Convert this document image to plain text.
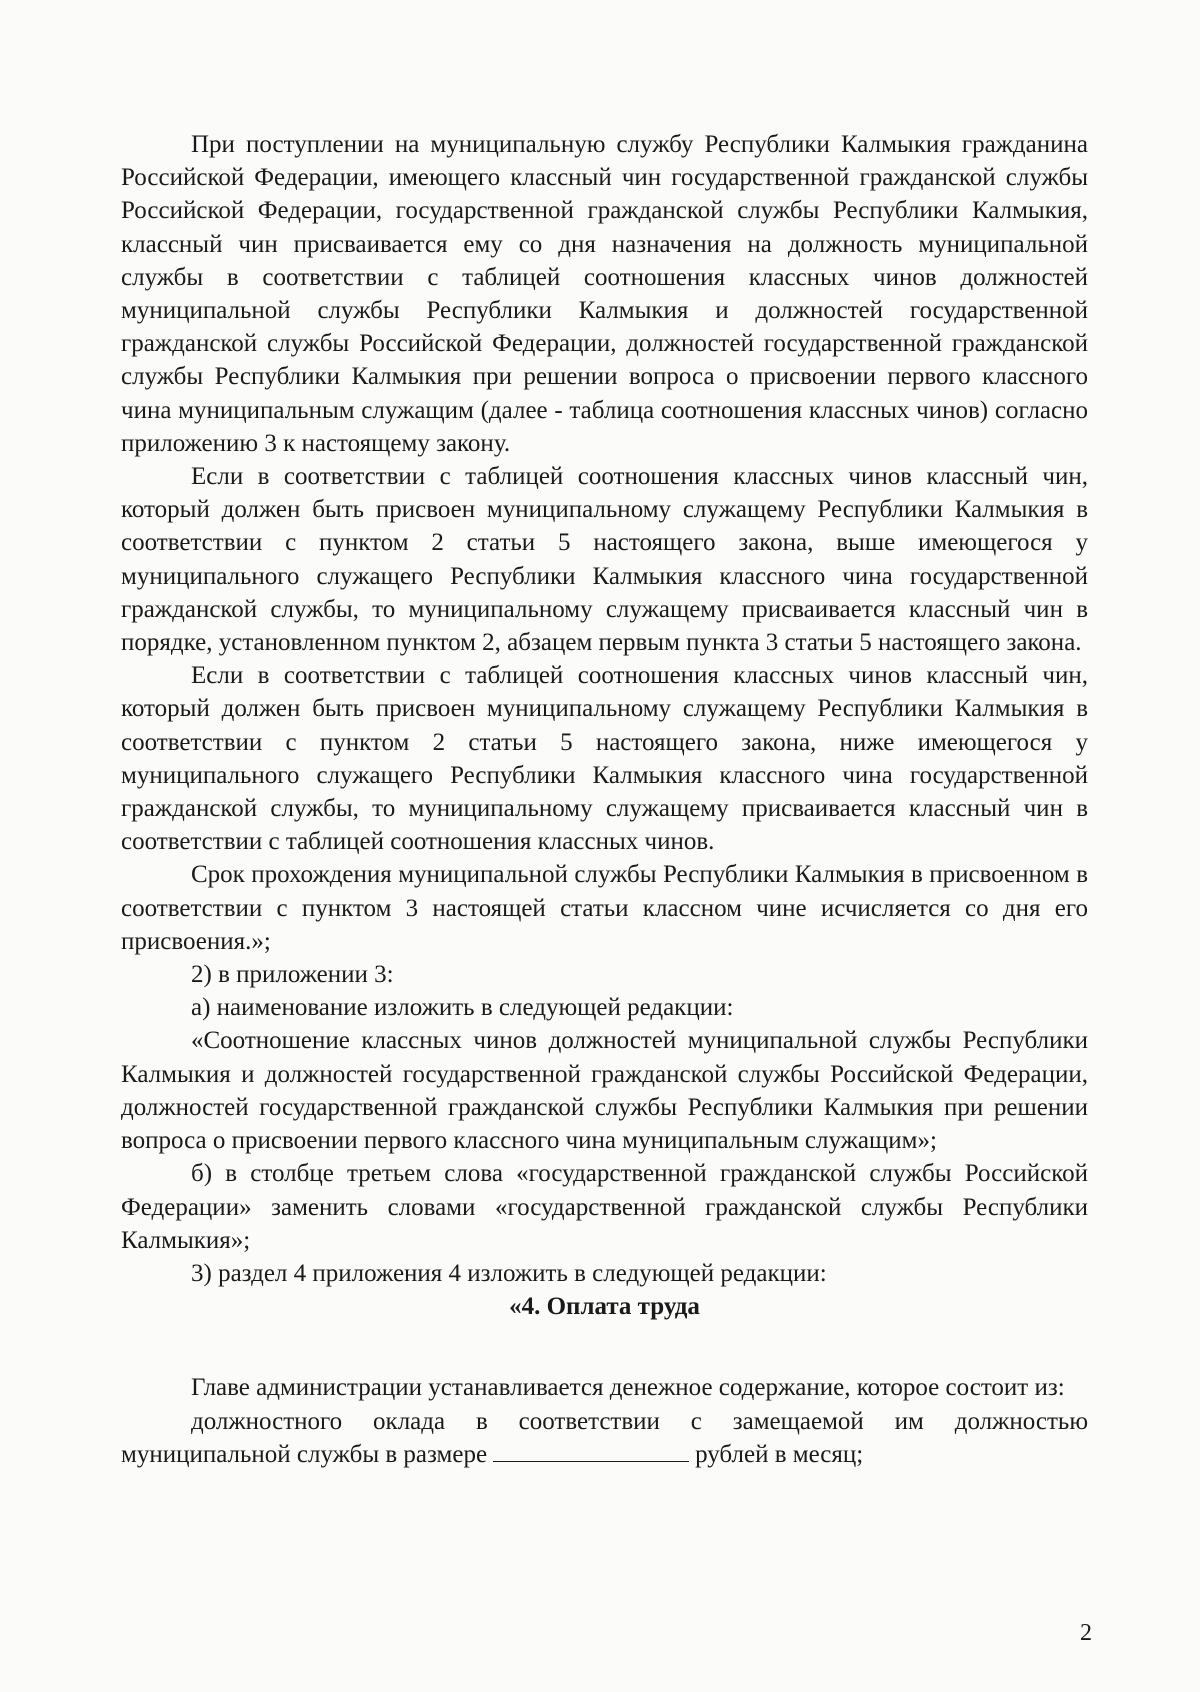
При поступлении на муниципальную службу Республики Калмыкия гражданина Российской Федерации, имеющего классный чин государственной гражданской службы Российской Федерации, государственной гражданской службы Республики Калмыкия, классный чин присваивается ему со дня назначения на должность муниципальной службы в соответствии с таблицей соотношения классных чинов должностей муниципальной службы Республики Калмыкия и должностей государственной гражданской службы Российской Федерации, должностей государственной гражданской службы Республики Калмыкия при решении вопроса о присвоении первого классного чина муниципальным служащим (далее - таблица соотношения классных чинов) согласно приложению 3 к настоящему закону.

Если в соответствии с таблицей соотношения классных чинов классный чин, который должен быть присвоен муниципальному служащему Республики Калмыкия в соответствии с пунктом 2 статьи 5 настоящего закона, выше имеющегося у муниципального служащего Республики Калмыкия классного чина государственной гражданской службы, то муниципальному служащему присваивается классный чин в порядке, установленном пунктом 2, абзацем первым пункта 3 статьи 5 настоящего закона.

Если в соответствии с таблицей соотношения классных чинов классный чин, который должен быть присвоен муниципальному служащему Республики Калмыкия в соответствии с пунктом 2 статьи 5 настоящего закона, ниже имеющегося у муниципального служащего Республики Калмыкия классного чина государственной гражданской службы, то муниципальному служащему присваивается классный чин в соответствии с таблицей соотношения классных чинов.

Срок прохождения муниципальной службы Республики Калмыкия в присвоенном в соответствии с пунктом 3 настоящей статьи классном чине исчисляется со дня его присвоения.»;

2) в приложении 3:

а) наименование изложить в следующей редакции:

«Соотношение классных чинов должностей муниципальной службы Республики Калмыкия и должностей государственной гражданской службы Российской Федерации, должностей государственной гражданской службы Республики Калмыкия при решении вопроса о присвоении первого классного чина муниципальным служащим»;

б) в столбце третьем слова «государственной гражданской службы Российской Федерации» заменить словами «государственной гражданской службы Республики Калмыкия»;

3) раздел 4 приложения 4 изложить в следующей редакции:

«4. Оплата труда

Главе администрации устанавливается денежное содержание, которое состоит из:

должностного оклада в соответствии с замещаемой им должностью муниципальной службы в размере	рублей в месяц;

2
